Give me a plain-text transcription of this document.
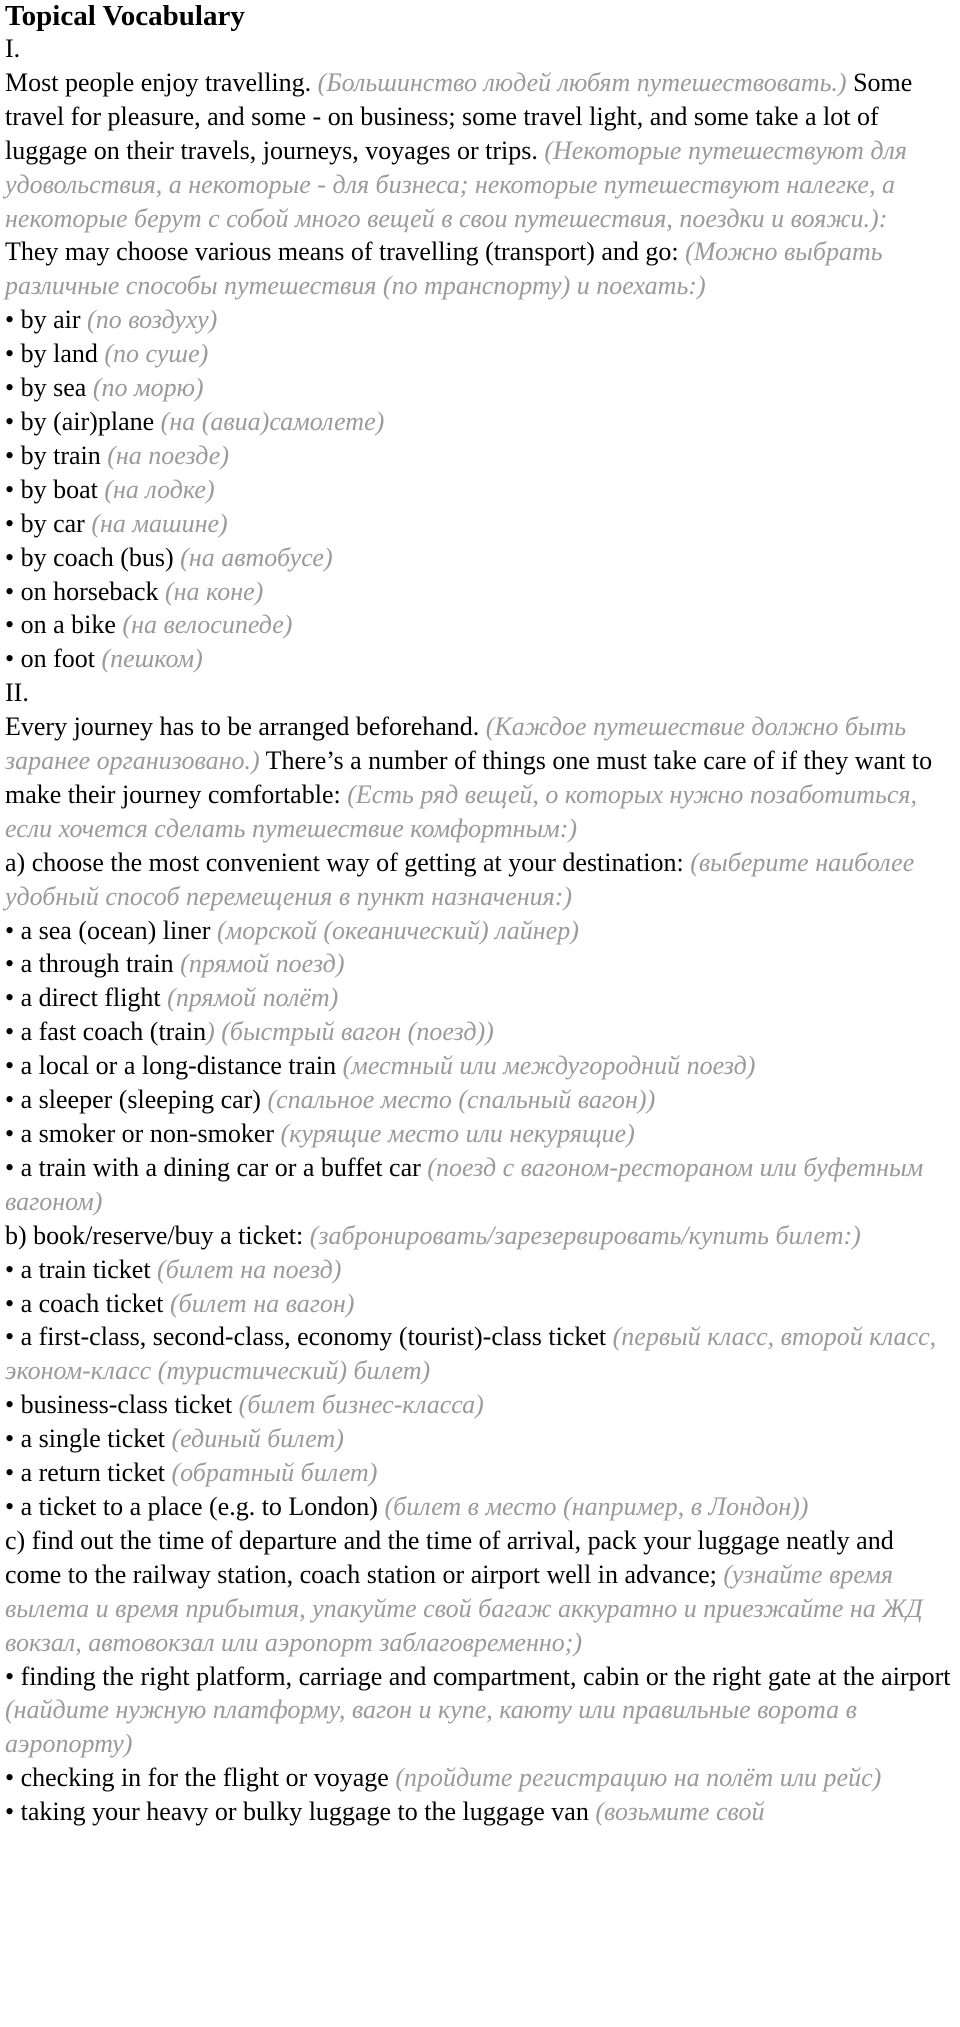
Topical Vocabulary

I.

Most people enjoy travelling. (Большинство людей любят путешествовать.) Some travel for pleasure, and some - on business; some travel light, and some take a lot of luggage on their travels, journeys, voyages or trips. (Некоторые путешествуют для удовольствия, а некоторые - для бизнеса; некоторые путешествуют налегке, а некоторые берут с собой много вещей в свои путешествия, поездки и вояжи.):

They may choose various means of travelling (transport) and go: (Можно выбрать различные способы путешествия (по транспорту) и поехать:)

• by air (по воздуху)

• by land (по суше)

• by sea (по морю)

• by (air)plane (на (авиа)самолете)

• by train (на поезде)

• by boat (на лодке)

• by car (на машине)

• by coach (bus) (на автобусе)

• on horseback (на коне)

• on a bike (на велосипеде)

• on foot (пешком)

II.

Every journey has to be arranged beforehand. (Каждое путешествие должно быть заранее организовано.) There’s a number of things one must take care of if they want to make their journey comfortable: (Есть ряд вещей, о которых нужно позаботиться, если хочется сделать путешествие комфортным:)

a) choose the most convenient way of getting at your destination: (выберите наиболее удобный способ перемещения в пункт назначения:)

• a sea (ocean) liner (морской (океанический) лайнер)

• a through train (прямой поезд)

• a direct flight (прямой полёт)

• a fast coach (train) (быстрый вагон (поезд))

• a local or a long-distance train (местный или междугородний поезд)

• a sleeper (sleeping car) (спальное место (спальный вагон))

• a smoker or non-smoker (курящие место или некурящие)

• a train with a dining car or a buffet car (поезд с вагоном-рестораном или буфетным вагоном)

b) book/reserve/buy a ticket: (забронировать/зарезервировать/купить билет:)

• a train ticket (билет на поезд)

• a coach ticket (билет на вагон)

• a first-class, second-class, economy (tourist)-class ticket (первый класс, второй класс, эконом-класс (туристический) билет)

• business-class ticket (билет бизнес-класса)

• a single ticket (единый билет)

• a return ticket (обратный билет)

• a ticket to a place (e.g. to London) (билет в место (например, в Лондон))

c) find out the time of departure and the time of arrival, pack your luggage neatly and come to the railway station, coach station or airport well in advance; (узнайте время вылета и время прибытия, упакуйте свой багаж аккуратно и приезжайте на ЖД вокзал, автовокзал или аэропорт заблаговременно;)

• finding the right platform, carriage and compartment, cabin or the right gate at the airport (найдите нужную платформу, вагон и купе, каюту или правильные ворота в аэропорту)

• checking in for the flight or voyage (пройдите регистрацию на полёт или рейс)

• taking your heavy or bulky luggage to the luggage van (возьмите свой
